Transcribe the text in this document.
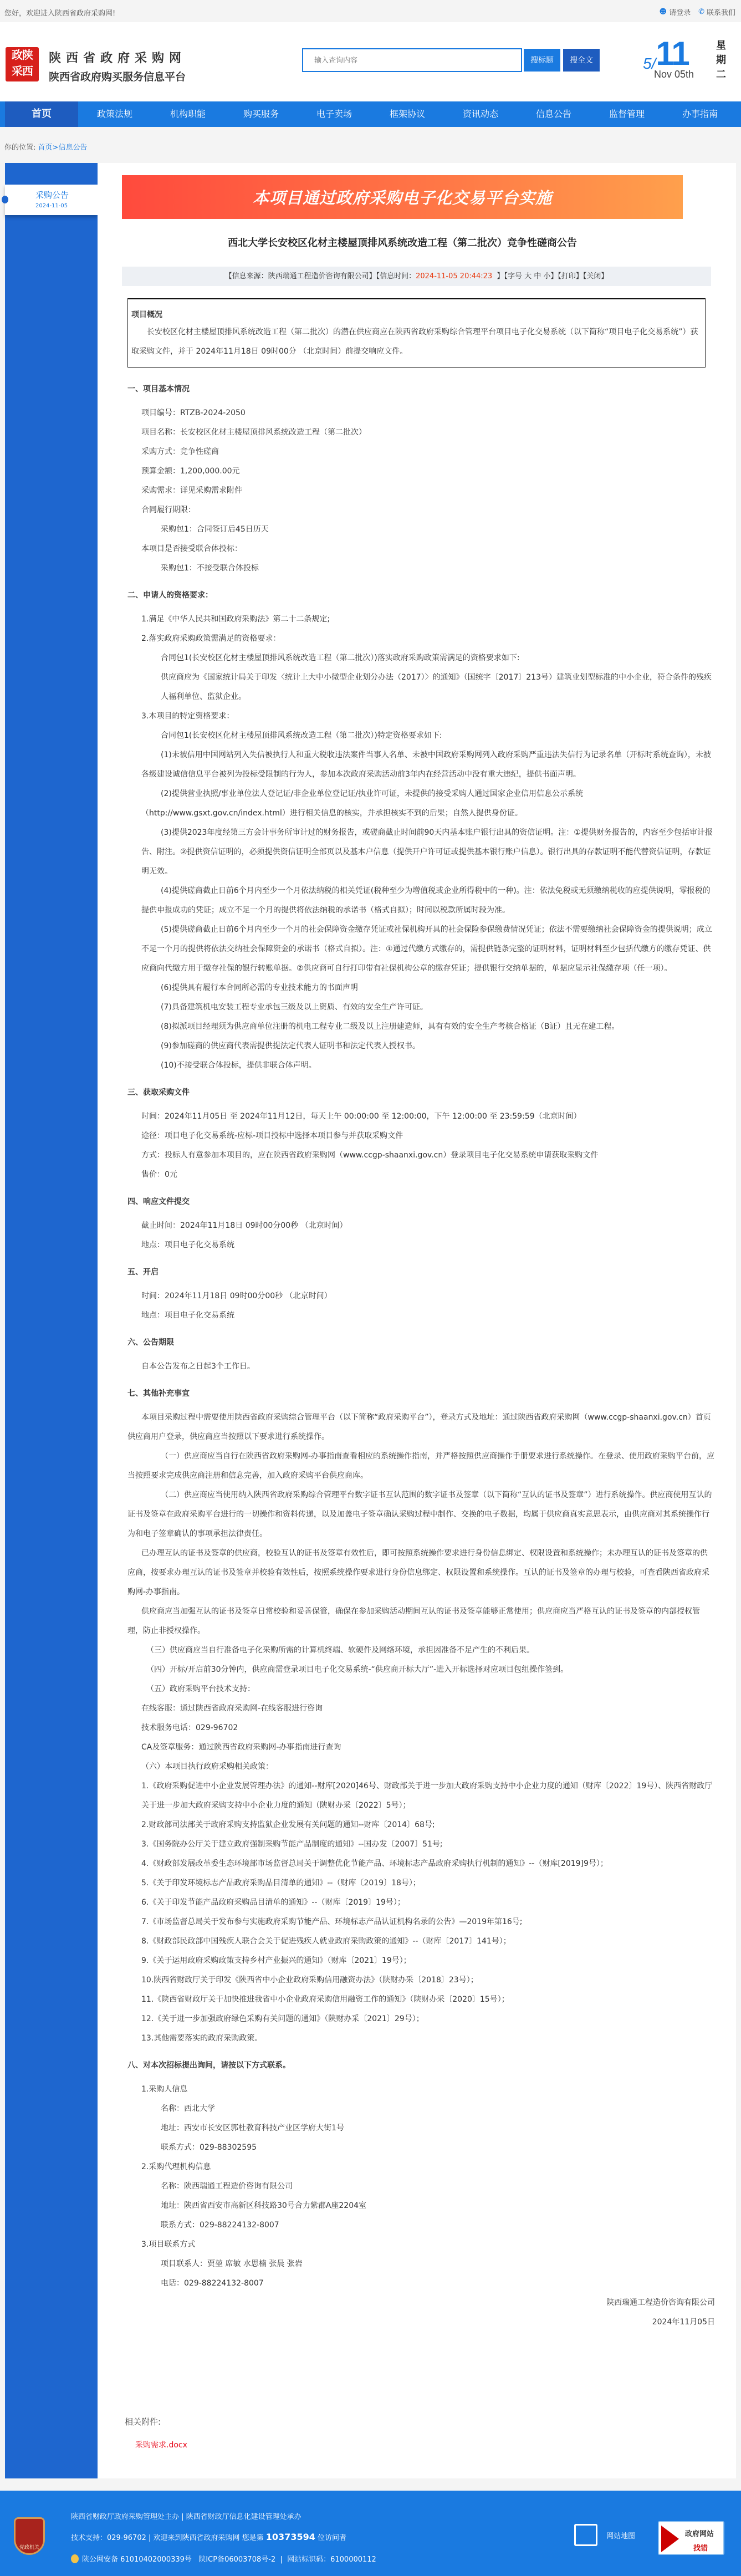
您好，欢迎进入陕西省政府采购网!	☻ 请登录 ✆ 联系我们
政陕
采西
陕西省政府采购网
陕西省政府购买服务信息平台
输入查询内容
搜标题	搜全文	5/11
Nov 05th
星期二
首页	政策法规	机构职能	购买服务	电子卖场	框架协议	资讯动态	信息公告	监督管理	办事指南
你的位置: 首页>信息公告
采购公告
2024-11-05	本项目通过政府采购电子化交易平台实施
西北大学长安校区化材主楼屋顶排风系统改造工程（第二批次）竞争性磋商公告
【信息来源：陕西瑞通工程造价咨询有限公司】【信息时间：2024-11-05 20:44:23 】【字号 大 中 小】【打印】【关闭】
项目概况

长安校区化材主楼屋顶排风系统改造工程（第二批次）的潜在供应商应在陕西省政府采购综合管理平台项目电子化交易系统（以下简称“项目电子化交易系统”）获取采购文件，并于 2024年11月18日 09时00分 （北京时间）前提交响应文件。

一、项目基本情况

项目编号：RTZB-2024-2050

项目名称：长安校区化材主楼屋顶排风系统改造工程（第二批次）

采购方式：竞争性磋商

预算金额：1,200,000.00元

采购需求：详见采购需求附件

合同履行期限：

采购包1：合同签订后45日历天

本项目是否接受联合体投标：

采购包1：不接受联合体投标

二、申请人的资格要求：

1.满足《中华人民共和国政府采购法》第二十二条规定;

2.落实政府采购政策需满足的资格要求：

合同包1(长安校区化材主楼屋顶排风系统改造工程（第二批次）)落实政府采购政策需满足的资格要求如下:

供应商应为《国家统计局关于印发〈统计上大中小微型企业划分办法（2017）〉的通知》（国统字〔2017〕213号）建筑业划型标准的中小企业，符合条件的残疾人福利单位、监狱企业。

3.本项目的特定资格要求：

合同包1(长安校区化材主楼屋顶排风系统改造工程（第二批次）)特定资格要求如下:

(1)未被信用中国网站列入失信被执行人和重大税收违法案件当事人名单、未被中国政府采购网列入政府采购严重违法失信行为记录名单（开标时系统查询），未被各级建设诚信信息平台被列为投标受限制的行为人，参加本次政府采购活动前3年内在经营活动中没有重大违纪，提供书面声明。

(2)提供营业执照/事业单位法人登记证/非企业单位登记证/执业许可证，未提供的接受采购人通过国家企业信用信息公示系统（http://www.gsxt.gov.cn/index.html）进行相关信息的核实，并承担核实不到的后果；自然人提供身份证。

(3)提供2023年度经第三方会计事务所审计过的财务报告，或磋商截止时间前90天内基本账户银行出具的资信证明。注：①提供财务报告的，内容至少包括审计报告、附注。②提供资信证明的，必须提供资信证明全部页以及基本户信息（提供开户许可证或提供基本银行账户信息）。银行出具的存款证明不能代替资信证明，存款证明无效。

(4)提供磋商截止日前6个月内至少一个月依法纳税的相关凭证(税种至少为增值税或企业所得税中的一种)。注：依法免税或无须缴纳税收的应提供说明，零报税的提供申报成功的凭证；成立不足一个月的提供将依法纳税的承诺书（格式自拟）；时间以税款所属时段为准。

(5)提供磋商截止日前6个月内至少一个月的社会保障资金缴存凭证或社保机构开具的社会保险参保缴费情况凭证；依法不需要缴纳社会保障资金的提供说明；成立不足一个月的提供将依法交纳社会保障资金的承诺书（格式自拟）。注：①通过代缴方式缴存的，需提供链条完整的证明材料，证明材料至少包括代缴方的缴存凭证、供应商向代缴方用于缴存社保的银行转账单据。②供应商可自行打印带有社保机构公章的缴存凭证；提供银行交纳单据的，单据应显示社保缴存项（任一项）。

(6)提供具有履行本合同所必需的专业技术能力的书面声明

(7)具备建筑机电安装工程专业承包三级及以上资质、有效的安全生产许可证。

(8)拟派项目经理须为供应商单位注册的机电工程专业二级及以上注册建造师，具有有效的安全生产考核合格证（B证）且无在建工程。

(9)参加磋商的供应商代表需提供提法定代表人证明书和法定代表人授权书。

(10)不接受联合体投标，提供非联合体声明。

三、获取采购文件

时间：2024年11月05日 至 2024年11月12日，每天上午 00:00:00 至 12:00:00，下午 12:00:00 至 23:59:59（北京时间）

途径：项目电子化交易系统-应标-项目投标中选择本项目参与并获取采购文件

方式：投标人有意参加本项目的，应在陕西省政府采购网（www.ccgp-shaanxi.gov.cn）登录项目电子化交易系统申请获取采购文件

售价：0元

四、响应文件提交

截止时间：2024年11月18日 09时00分00秒 （北京时间）

地点：项目电子化交易系统

五、开启

时间：2024年11月18日 09时00分00秒 （北京时间）

地点：项目电子化交易系统

六、公告期限

自本公告发布之日起3个工作日。

七、其他补充事宜

本项目采购过程中需要使用陕西省政府采购综合管理平台（以下简称“政府采购平台”），登录方式及地址：通过陕西省政府采购网（www.ccgp-shaanxi.gov.cn）首页供应商用户登录，供应商应当按照以下要求进行系统操作。

（一）供应商应当自行在陕西省政府采购网-办事指南查看相应的系统操作指南，并严格按照供应商操作手册要求进行系统操作。在登录、使用政府采购平台前，应当按照要求完成供应商注册和信息完善，加入政府采购平台供应商库。

（二）供应商应当使用纳入陕西省政府采购综合管理平台数字证书互认范围的数字证书及签章（以下简称“互认的证书及签章”）进行系统操作。供应商使用互认的证书及签章在政府采购平台进行的一切操作和资料传递，以及加盖电子签章确认采购过程中制作、交换的电子数据，均属于供应商真实意思表示，由供应商对其系统操作行为和电子签章确认的事项承担法律责任。

已办理互认的证书及签章的供应商，校验互认的证书及签章有效性后，即可按照系统操作要求进行身份信息绑定、权限设置和系统操作；未办理互认的证书及签章的供应商，按要求办理互认的证书及签章并校验有效性后，按照系统操作要求进行身份信息绑定、权限设置和系统操作。互认的证书及签章的办理与校验，可查看陕西省政府采购网-办事指南。

供应商应当加强互认的证书及签章日常校验和妥善保管，确保在参加采购活动期间互认的证书及签章能够正常使用；供应商应当严格互认的证书及签章的内部授权管理，防止非授权操作。

（三）供应商应当自行准备电子化采购所需的计算机终端、软硬件及网络环境，承担因准备不足产生的不利后果。

（四）开标/开启前30分钟内，供应商需登录项目电子化交易系统-“供应商开标大厅”-进入开标选择对应项目包组操作签到。

（五）政府采购平台技术支持：

在线客服：通过陕西省政府采购网-在线客服进行咨询

技术服务电话：029-96702

CA及签章服务：通过陕西省政府采购网-办事指南进行查询

（六）本项目执行政府采购相关政策：

1.《政府采购促进中小企业发展管理办法》的通知--财库[2020]46号、财政部关于进一步加大政府采购支持中小企业力度的通知（财库〔2022〕19号）、陕西省财政厅关于进一步加大政府采购支持中小企业力度的通知（陕财办采〔2022〕5号）；

2.财政部司法部关于政府采购支持监狱企业发展有关问题的通知--财库〔2014〕68号;

3.《国务院办公厅关于建立政府强制采购节能产品制度的通知》--国办发〔2007〕51号;

4.《财政部发展改革委生态环境部市场监督总局关于调整优化节能产品、环境标志产品政府采购执行机制的通知》--（财库[2019]9号）；

5.《关于印发环境标志产品政府采购品目清单的通知》--（财库〔2019〕18号）；

6.《关于印发节能产品政府采购品目清单的通知》--（财库〔2019〕19号）；

7.《市场监督总局关于发布参与实施政府采购节能产品、环境标志产品认证机构名录的公告》—2019年第16号;

8.《财政部民政部中国残疾人联合会关于促进残疾人就业政府采购政策的通知》--（财库〔2017〕141号）；

9.《关于运用政府采购政策支持乡村产业振兴的通知》（财库〔2021〕19号）；

10.陕西省财政厅关于印发《陕西省中小企业政府采购信用融资办法》（陕财办采〔2018〕23号）；

11.《陕西省财政厅关于加快推进我省中小企业政府采购信用融资工作的通知》（陕财办采〔2020〕15号）；

12.《关于进一步加强政府绿色采购有关问题的通知》（陕财办采〔2021〕29号）；

13.其他需要落实的政府采购政策。

八、对本次招标提出询问，请按以下方式联系。

1.采购人信息

名称：西北大学

地址：西安市长安区郭杜教育科技产业区学府大街1号

联系方式：029-88302595

2.采购代理机构信息

名称：陕西瑞通工程造价咨询有限公司

地址：陕西省西安市高新区科技路30号合力紫郡A座2204室

联系方式：029-88224132-8007

3.项目联系方式

项目联系人：贾堃 席敏 水思楠 张晨 张岩

电话：029-88224132-8007

陕西瑞通工程造价咨询有限公司

2024年11月05日

相关附件:
采购需求.docx
党政机关
陕西省财政厅政府采购管理处主办 | 陕西省财政厅信息化建设管理处承办
技术支持：029-96702 | 欢迎来到陕西省政府采购网 您是第 10373594 位访问者
陕公网安备 61010402000339号   陕ICP备06003708号-2  |  网站标识码：6100000112
网站地图	政府网站
找错
